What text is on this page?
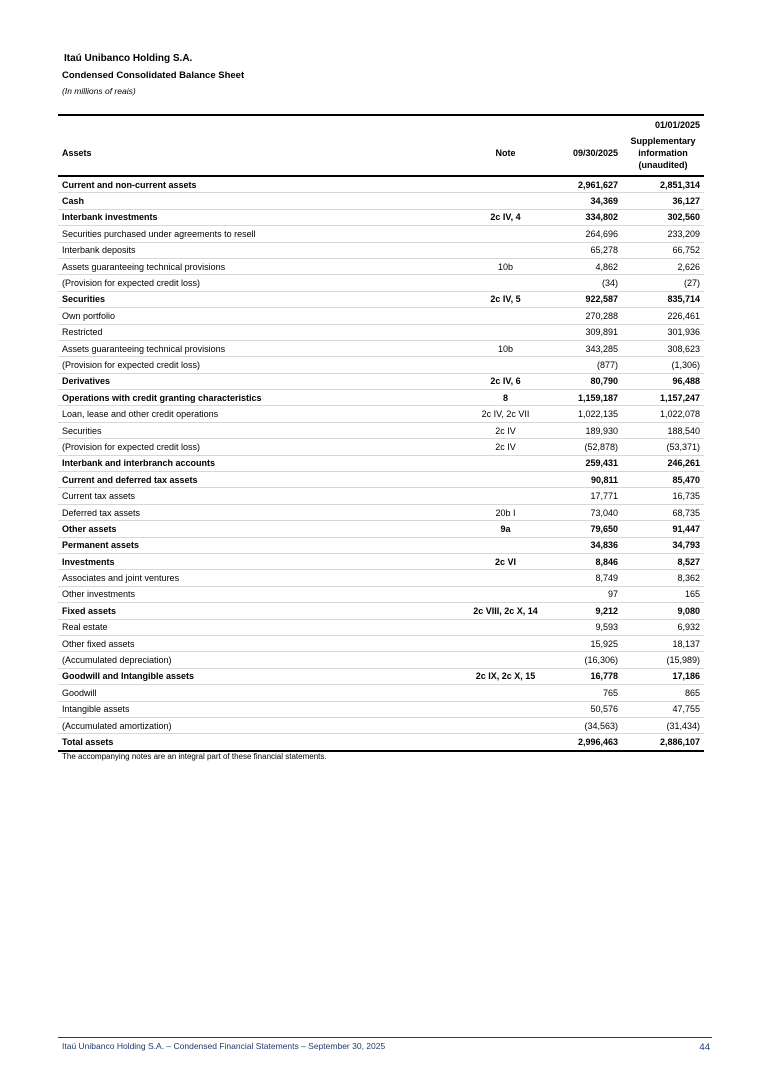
Itaú Unibanco Holding S.A.
Condensed Consolidated Balance Sheet
(In millions of reais)
			01/01/2025
Assets	Note	09/30/2025	Supplementary
information
(unaudited)
Current and non-current assets		2,961,627	2,851,314
Cash		34,369	36,127
Interbank investments	2c IV, 4	334,802	302,560
Securities purchased under agreements to resell		264,696	233,209
Interbank deposits		65,278	66,752
Assets guaranteeing technical provisions	10b	4,862	2,626
(Provision for expected credit loss)		(34)	(27)
Securities	2c IV, 5	922,587	835,714
Own portfolio		270,288	226,461
Restricted		309,891	301,936
Assets guaranteeing technical provisions	10b	343,285	308,623
(Provision for expected credit loss)		(877)	(1,306)
Derivatives	2c IV, 6	80,790	96,488
Operations with credit granting characteristics	8	1,159,187	1,157,247
Loan, lease and other credit operations	2c IV, 2c VII	1,022,135	1,022,078
Securities	2c IV	189,930	188,540
(Provision for expected credit loss)	2c IV	(52,878)	(53,371)
Interbank and interbranch accounts		259,431	246,261
Current and deferred tax assets		90,811	85,470
Current tax assets		17,771	16,735
Deferred tax assets	20b I	73,040	68,735
Other assets	9a	79,650	91,447
Permanent assets		34,836	34,793
Investments	2c VI	8,846	8,527
Associates and joint ventures		8,749	8,362
Other investments		97	165
Fixed assets	2c VIII, 2c X, 14	9,212	9,080
Real estate		9,593	6,932
Other fixed assets		15,925	18,137
(Accumulated depreciation)		(16,306)	(15,989)
Goodwill and Intangible assets	2c IX, 2c X, 15	16,778	17,186
Goodwill		765	865
Intangible assets		50,576	47,755
(Accumulated amortization)		(34,563)	(31,434)
Total assets		2,996,463	2,886,107
The accompanying notes are an integral part of these financial statements.
Itaú Unibanco Holding S.A. – Condensed Financial Statements – September 30, 2025	44
